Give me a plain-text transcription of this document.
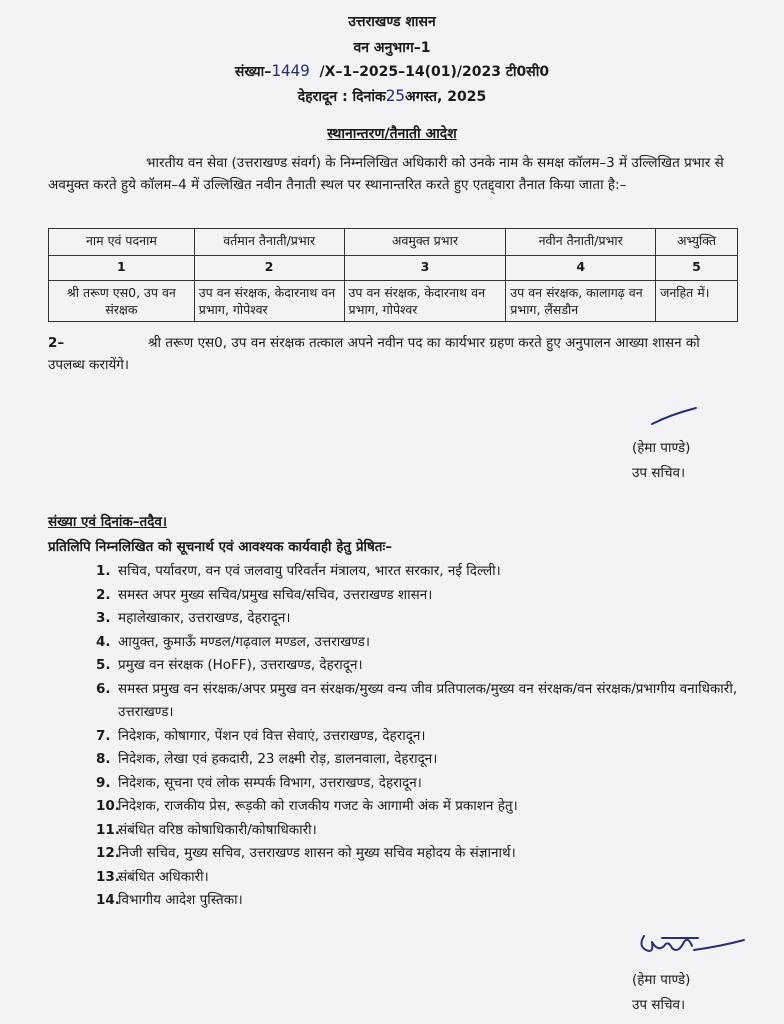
उत्तराखण्ड शासन
वन अनुभाग–1
संख्या–1449 /X–1–2025–14(01)/2023 टी0सी0
देहरादून : दिनांक25अगस्त, 2025
स्थानान्तरण/तैनाती आदेश
भारतीय वन सेवा (उत्तराखण्ड संवर्ग) के निम्नलिखित अधिकारी को उनके नाम के समक्ष कॉलम–3 में उल्लिखित प्रभार से अवमुक्त करते हुये कॉलम–4 में उल्लिखित नवीन तैनाती स्थल पर स्थानान्तरित करते हुए एतद्द्वारा तैनात किया जाता है:–
नाम एवं पदनाम	वर्तमान तैनाती/प्रभार	अवमुक्त प्रभार	नवीन तैनाती/प्रभार	अभ्युक्ति
1	2	3	4	5
श्री तरूण एस0, उप वन संरक्षक	उप वन संरक्षक, केदारनाथ वन प्रभाग, गोपेश्वर	उप वन संरक्षक, केदारनाथ वन प्रभाग, गोपेश्वर	उप वन संरक्षक, कालागढ़ वन प्रभाग, लैंसडौन	जनहित में।
2–	श्री तरूण एस0, उप वन संरक्षक तत्काल अपने नवीन पद का कार्यभार ग्रहण करते हुए अनुपालन आख्या शासन को उपलब्ध करायेंगे।
(हेमा पाण्डे)
उप सचिव।
संख्या एवं दिनांक–तदैव।
प्रतिलिपि निम्नलिखित को सूचनार्थ एवं आवश्यक कार्यवाही हेतु प्रेषितः–
1. सचिव, पर्यावरण, वन एवं जलवायु परिवर्तन मंत्रालय, भारत सरकार, नई दिल्ली।
2. समस्त अपर मुख्य सचिव/प्रमुख सचिव/सचिव, उत्तराखण्ड शासन।
3. महालेखाकार, उत्तराखण्ड, देहरादून।
4. आयुक्त, कुमाऊँ मण्डल/गढ़वाल मण्डल, उत्तराखण्ड।
5. प्रमुख वन संरक्षक (HoFF), उत्तराखण्ड, देहरादून।
6. समस्त प्रमुख वन संरक्षक/अपर प्रमुख वन संरक्षक/मुख्य वन्य जीव प्रतिपालक/मुख्य वन संरक्षक/वन संरक्षक/प्रभागीय वनाधिकारी, उत्तराखण्ड।
7. निदेशक, कोषागार, पेंशन एवं वित्त सेवाएं, उत्तराखण्ड, देहरादून।
8. निदेशक, लेखा एवं हकदारी, 23 लक्ष्मी रोड़, डालनवाला, देहरादून।
9. निदेशक, सूचना एवं लोक सम्पर्क विभाग, उत्तराखण्ड, देहरादून।
10.
निदेशक, राजकीय प्रेस, रूड़की को राजकीय गजट के आगामी अंक में प्रकाशन हेतु।
11.
संबंधित वरिष्ठ कोषाधिकारी/कोषाधिकारी।
12.
निजी सचिव, मुख्य सचिव, उत्तराखण्ड शासन को मुख्य सचिव महोदय के संज्ञानार्थ।
13.
संबंधित अधिकारी।
14.
विभागीय आदेश पुस्तिका।
(हेमा पाण्डे)
उप सचिव।
